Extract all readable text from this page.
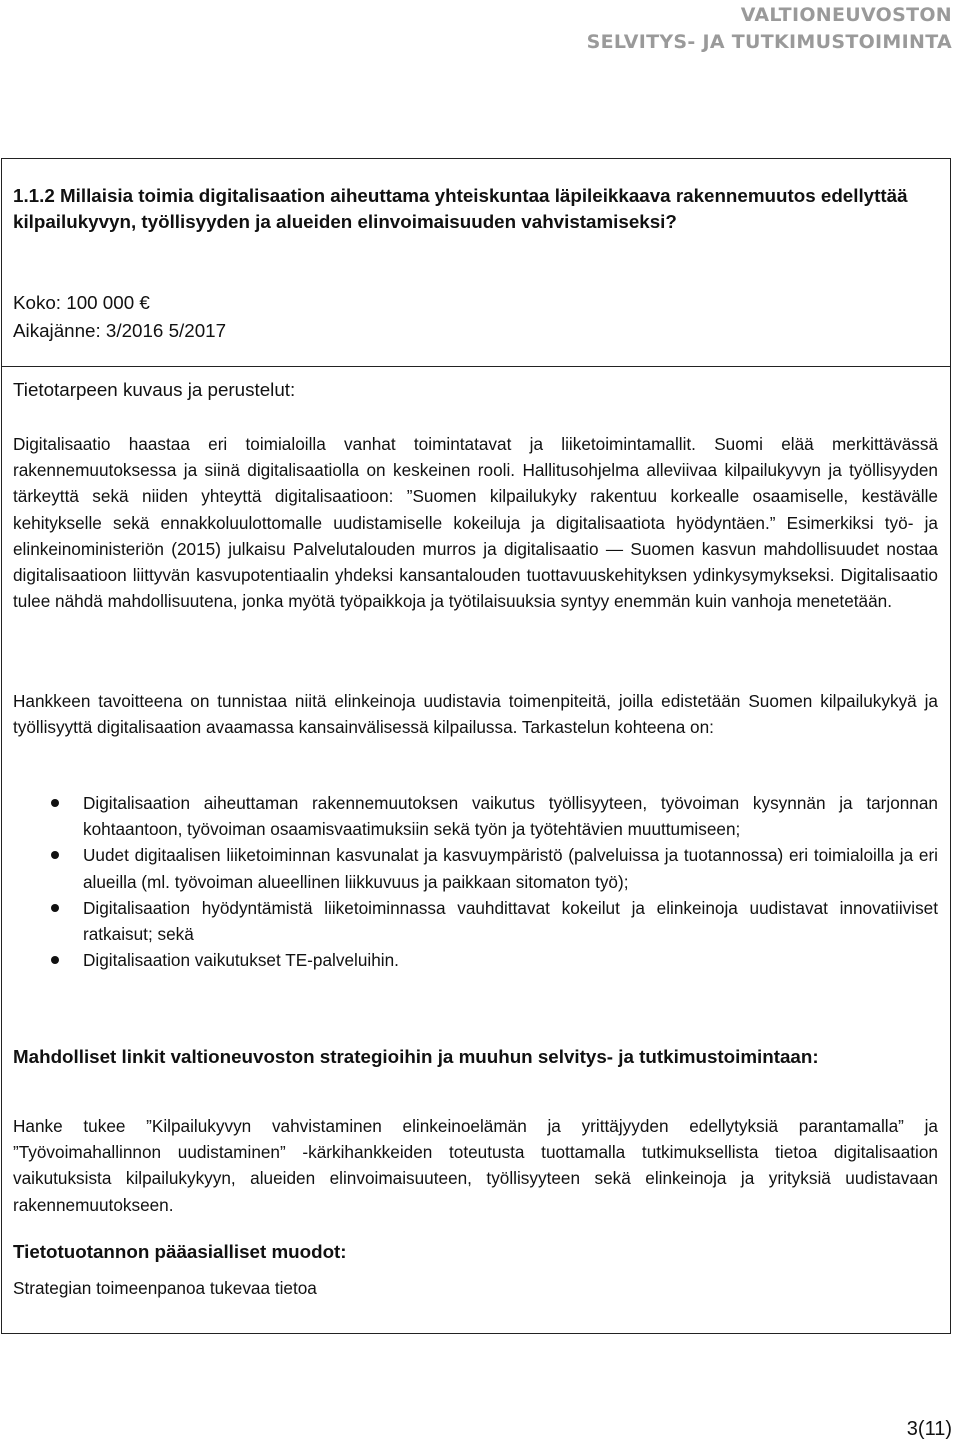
VALTIONEUVOSTON
SELVITYS- JA TUTKIMUSTOIMINTA
1.1.2 Millaisia toimia digitalisaation aiheuttama yhteiskuntaa läpileikkaava rakennemuutos edellyttää kilpailukyvyn, työllisyyden ja alueiden elinvoimaisuuden vahvistamiseksi?
Koko: 100 000 €
Aikajänne: 3/2016 5/2017
Tietotarpeen kuvaus ja perustelut:
Digitalisaatio haastaa eri toimialoilla vanhat toimintatavat ja liiketoimintamallit. Suomi elää merkittävässä rakennemuutoksessa ja siinä digitalisaatiolla on keskeinen rooli. Hallitusohjelma alleviivaa kilpailukyvyn ja työllisyyden tärkeyttä sekä niiden yhteyttä digitalisaatioon: ”Suomen kilpailukyky rakentuu korkealle osaamiselle, kestävälle kehitykselle sekä ennakkoluulottomalle uudistamiselle kokeiluja ja digitalisaatiota hyödyntäen.” Esimerkiksi työ- ja elinkeinoministeriön (2015) julkaisu Palvelutalouden murros ja digitalisaatio ― Suomen kasvun mahdollisuudet nostaa digitalisaatioon liittyvän kasvupotentiaalin yhdeksi kansantalouden tuottavuuskehityksen ydinkysymykseksi. Digitalisaatio tulee nähdä mahdollisuutena, jonka myötä työpaikkoja ja työtilaisuuksia syntyy enemmän kuin vanhoja menetetään.
Hankkeen tavoitteena on tunnistaa niitä elinkeinoja uudistavia toimenpiteitä, joilla edistetään Suomen kilpailukykyä ja työllisyyttä digitalisaation avaamassa kansainvälisessä kilpailussa. Tarkastelun kohteena on:
Digitalisaation aiheuttaman rakennemuutoksen vaikutus työllisyyteen, työvoiman kysynnän ja tarjonnan kohtaantoon, työvoiman osaamisvaatimuksiin sekä työn ja työtehtävien muuttumiseen;
Uudet digitaalisen liiketoiminnan kasvunalat ja kasvuympäristö (palveluissa ja tuotannossa) eri toimialoilla ja eri alueilla (ml. työvoiman alueellinen liikkuvuus ja paikkaan sitomaton työ);
Digitalisaation hyödyntämistä liiketoiminnassa vauhdittavat kokeilut ja elinkeinoja uudistavat innovatiiviset ratkaisut; sekä
Digitalisaation vaikutukset TE-palveluihin.
Mahdolliset linkit valtioneuvoston strategioihin ja muuhun selvitys- ja tutkimustoimintaan:
Hanke tukee ”Kilpailukyvyn vahvistaminen elinkeinoelämän ja yrittäjyyden edellytyksiä parantamalla” ja ”Työvoimahallinnon uudistaminen” -kärkihankkeiden toteutusta tuottamalla tutkimuksellista tietoa digitalisaation vaikutuksista kilpailukykyyn, alueiden elinvoimaisuuteen, työllisyyteen sekä elinkeinoja ja yrityksiä uudistavaan rakennemuutokseen.
Tietotuotannon pääasialliset muodot:
Strategian toimeenpanoa tukevaa tietoa
3(11)
